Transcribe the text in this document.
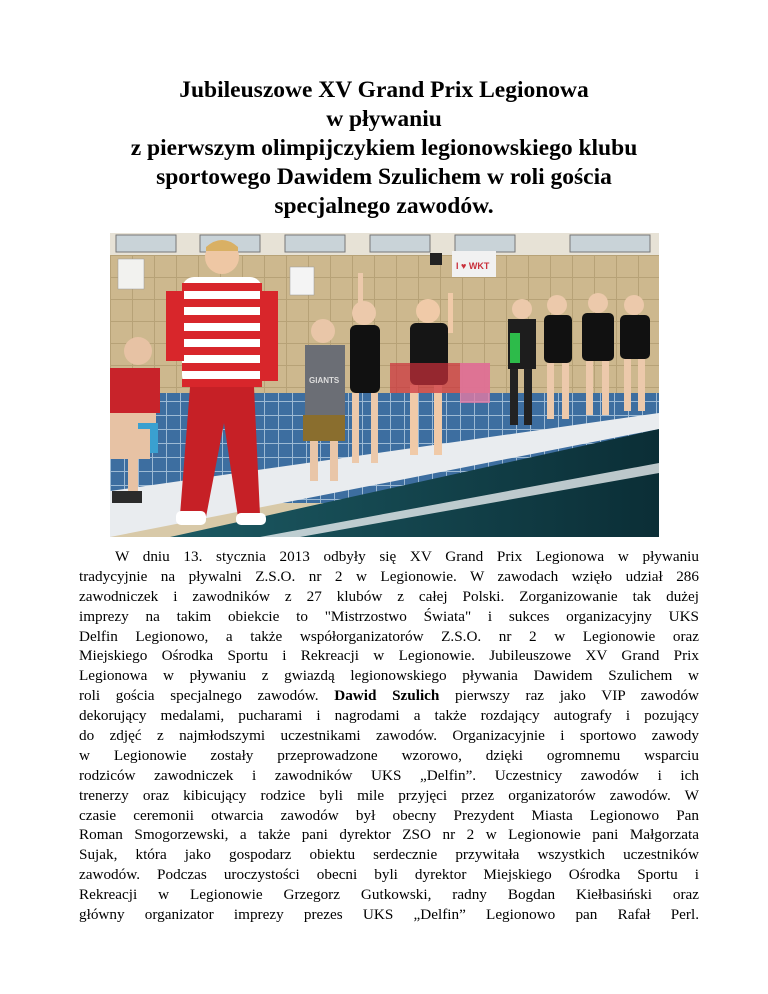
Jubileuszowe XV Grand Prix Legionowa
w pływaniu
z pierwszym olimpijczykiem legionowskiego klubu
sportowego Dawidem Szulichem w roli gościa
specjalnego zawodów.
I ♥ WKT
GIANTS
W dniu 13. stycznia 2013 odbyły się XV Grand Prix Legionowa w pływaniu
tradycyjnie na pływalni Z.S.O. nr 2 w Legionowie. W zawodach wzięło udział 286
zawodniczek i zawodników z 27 klubów z całej Polski. Zorganizowanie tak dużej
imprezy na takim obiekcie to "Mistrzostwo Świata" i sukces organizacyjny UKS
Delfin Legionowo, a także współorganizatorów Z.S.O. nr 2 w Legionowie oraz
Miejskiego Ośrodka Sportu i Rekreacji w Legionowie. Jubileuszowe XV Grand Prix
Legionowa w pływaniu z gwiazdą legionowskiego pływania Dawidem Szulichem w
roli gościa specjalnego zawodów. Dawid Szulich pierwszy raz jako VIP zawodów
dekorujący medalami, pucharami i nagrodami a także rozdający autografy i pozujący
do zdjęć z najmłodszymi uczestnikami zawodów. Organizacyjnie i sportowo zawody
w Legionowie zostały przeprowadzone wzorowo, dzięki ogromnemu wsparciu
rodziców zawodniczek i zawodników UKS „Delfin”. Uczestnicy zawodów i ich
trenerzy oraz kibicujący rodzice byli mile przyjęci przez organizatorów zawodów. W
czasie ceremonii otwarcia zawodów był obecny Prezydent Miasta Legionowo Pan
Roman Smogorzewski, a także pani dyrektor ZSO nr 2 w Legionowie pani Małgorzata
Sujak, która jako gospodarz obiektu serdecznie przywitała wszystkich uczestników
zawodów. Podczas uroczystości obecni byli dyrektor Miejskiego Ośrodka Sportu i
Rekreacji w Legionowie Grzegorz Gutkowski, radny Bogdan Kiełbasiński oraz
główny organizator imprezy prezes UKS „Delfin” Legionowo pan Rafał Perl.
